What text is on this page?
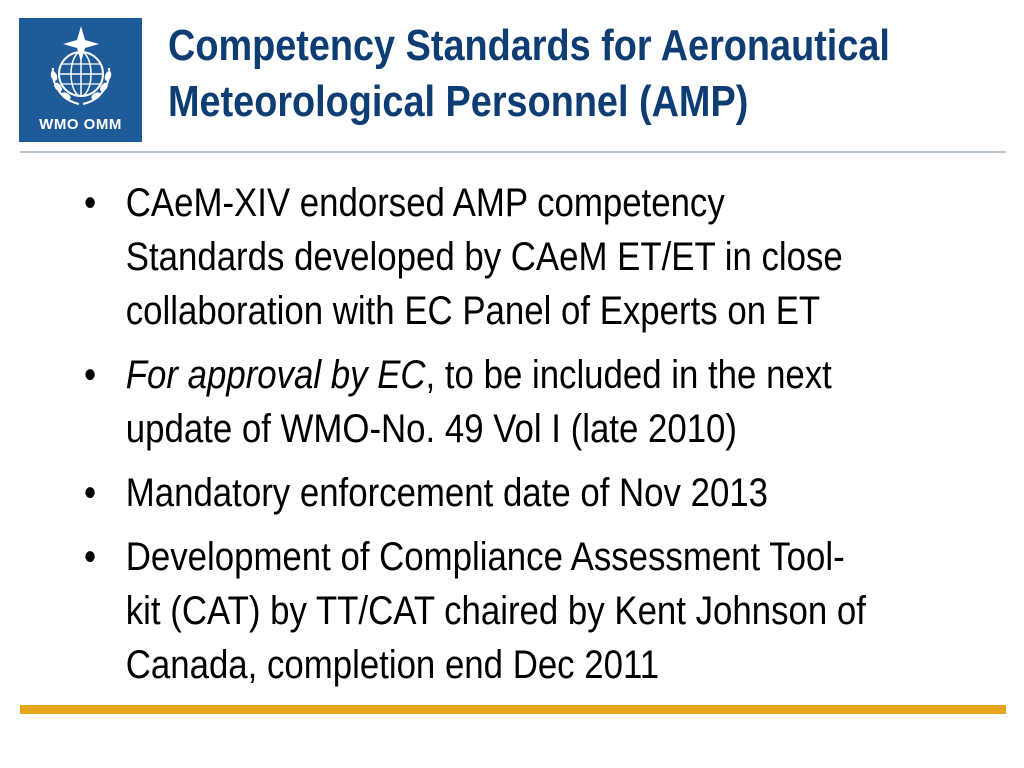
WMO OMM
Competency Standards for Aeronautical
Meteorological Personnel (AMP)
• CAeM-XIV endorsed AMP competency
Standards developed by CAeM ET/ET in close
collaboration with EC Panel of Experts on ET
• For approval by EC, to be included in the next
update of WMO-No. 49 Vol I (late 2010)
• Mandatory enforcement date of Nov 2013
• Development of Compliance Assessment Tool-
kit (CAT) by TT/CAT chaired by Kent Johnson of
Canada, completion end Dec 2011
